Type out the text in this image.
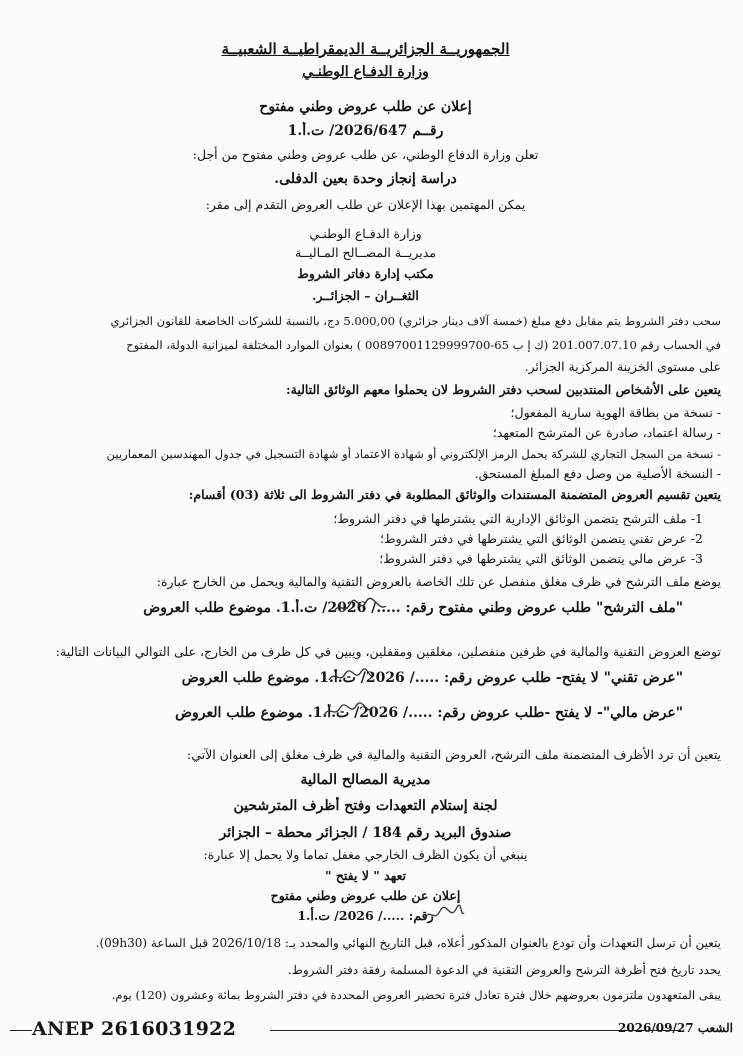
الجمهوريــة الجزائريــة الديمقراطيــة الشعبيــة
وزارة الدفـاع الوطنـي
إعلان عن طلب عروض وطني مفتوح
رقــم 2026/647/ ت.أ.1
تعلن وزارة الدفاع الوطني، عن طلب عروض وطني مفتوح من أجل:
دراسة إنجاز وحدة بعين الدفلى.
يمكن المهتمين بهذا الإعلان عن طلب العروض التقدم إلى مقر:
وزارة الدفـاع الوطنـي
مديريــة المصــالح المـاليــة
مكتب إدارة دفاتر الشروط
الثغــران – الجزائــر.
سحب دفتر الشروط يتم مقابل دفع مبلغ (خمسة آلاف دينار جزائري) 5.000,00 دج، بالنسبة للشركات الخاضعة للقانون الجزائري
في الحساب رقم 201.007.07.10 (ك إ ب 65-00897001129999700 ) بعنوان الموارد المختلفة لميزانية الدولة، المفتوح
على مستوى الخزينة المركزية الجزائر.
يتعين على الأشخاص المنتدبين لسحب دفتر الشروط لان يحملوا معهم الوثائق التالية:
- نسخة من بطاقة الهوية سارية المفعول؛
- رسالة اعتماد، صادرة عن المترشح المتعهد؛
- نسخة من السجل التجاري للشركة يحمل الرمز الإلكتروني أو شهادة الاعتماد أو شهادة التسجيل في جدول المهندسين المعماريين
- النسخة الأصلية من وصل دفع المبلغ المستحق.
يتعين تقسيم العروض المتضمنة المستندات والوثائق المطلوبة في دفتر الشروط الى ثلاثة (03) أقسام:
1- ملف الترشح يتضمن الوثائق الإدارية التي يشترطها في دفتر الشروط؛
2- عرض تقني يتضمن الوثائق التي يشترطها في دفتر الشروط؛
3- عرض مالي يتضمن الوثائق التي يشترطها في دفتر الشروط؛
يوضع ملف الترشح في ظرف مغلق منفصل عن تلك الخاصة بالعروض التقنية والمالية ويحمل من الخارج عبارة:
"ملف الترشح" طلب عروض وطني مفتوح رقم: ...../ 2026/ ت.أ.1. موضوع طلب العروض
توضع العروض التقنية والمالية في ظرفين منفصلين، مغلقين ومقفلين، ويبين في كل ظرف من الخارج، على التوالي البيانات التالية:
"عرض تقني" لا يفتح- طلب عروض رقم: ...../ 2026/ ت.أ.1. موضوع طلب العروض
"عرض مالي"- لا يفتح -طلب عروض رقم: ...../ 2026/ ت.أ.1. موضوع طلب العروض
يتعين أن ترد الأظرف المتضمنة ملف الترشح، العروض التقنية والمالية في ظرف مغلق إلى العنوان الآتي:
مديرية المصالح المالية
لجنة إستلام التعهدات وفتح أظرف المترشحين
صندوق البريد رقم 184 / الجزائر محطة – الجزائر
ينبغي أن يكون الظرف الخارجي مغفل تماما ولا يحمل إلا عبارة:
تعهد " لا يفتح "
إعلان عن طلب عروض وطني مفتوح
رقم: ...../ 2026/ ت.أ.1
يتعين أن ترسل التعهدات وأن تودع بالعنوان المذكور أعلاه، قبل التاريخ النهائي والمحدد بـ: 2026/10/18 قبل الساعة (09h30).
يحدد تاريخ فتح أظرفة الترشح والعروض التقنية في الدعوة المسلمة رفقة دفتر الشروط.
يبقى المتعهدون ملتزمون بعروضهم خلال فترة تعادل فترة تحضير العروض المحددة في دفتر الشروط بمائة وعشرون (120) يوم.
ANEP 2616031922	الشعب 2026/09/27
